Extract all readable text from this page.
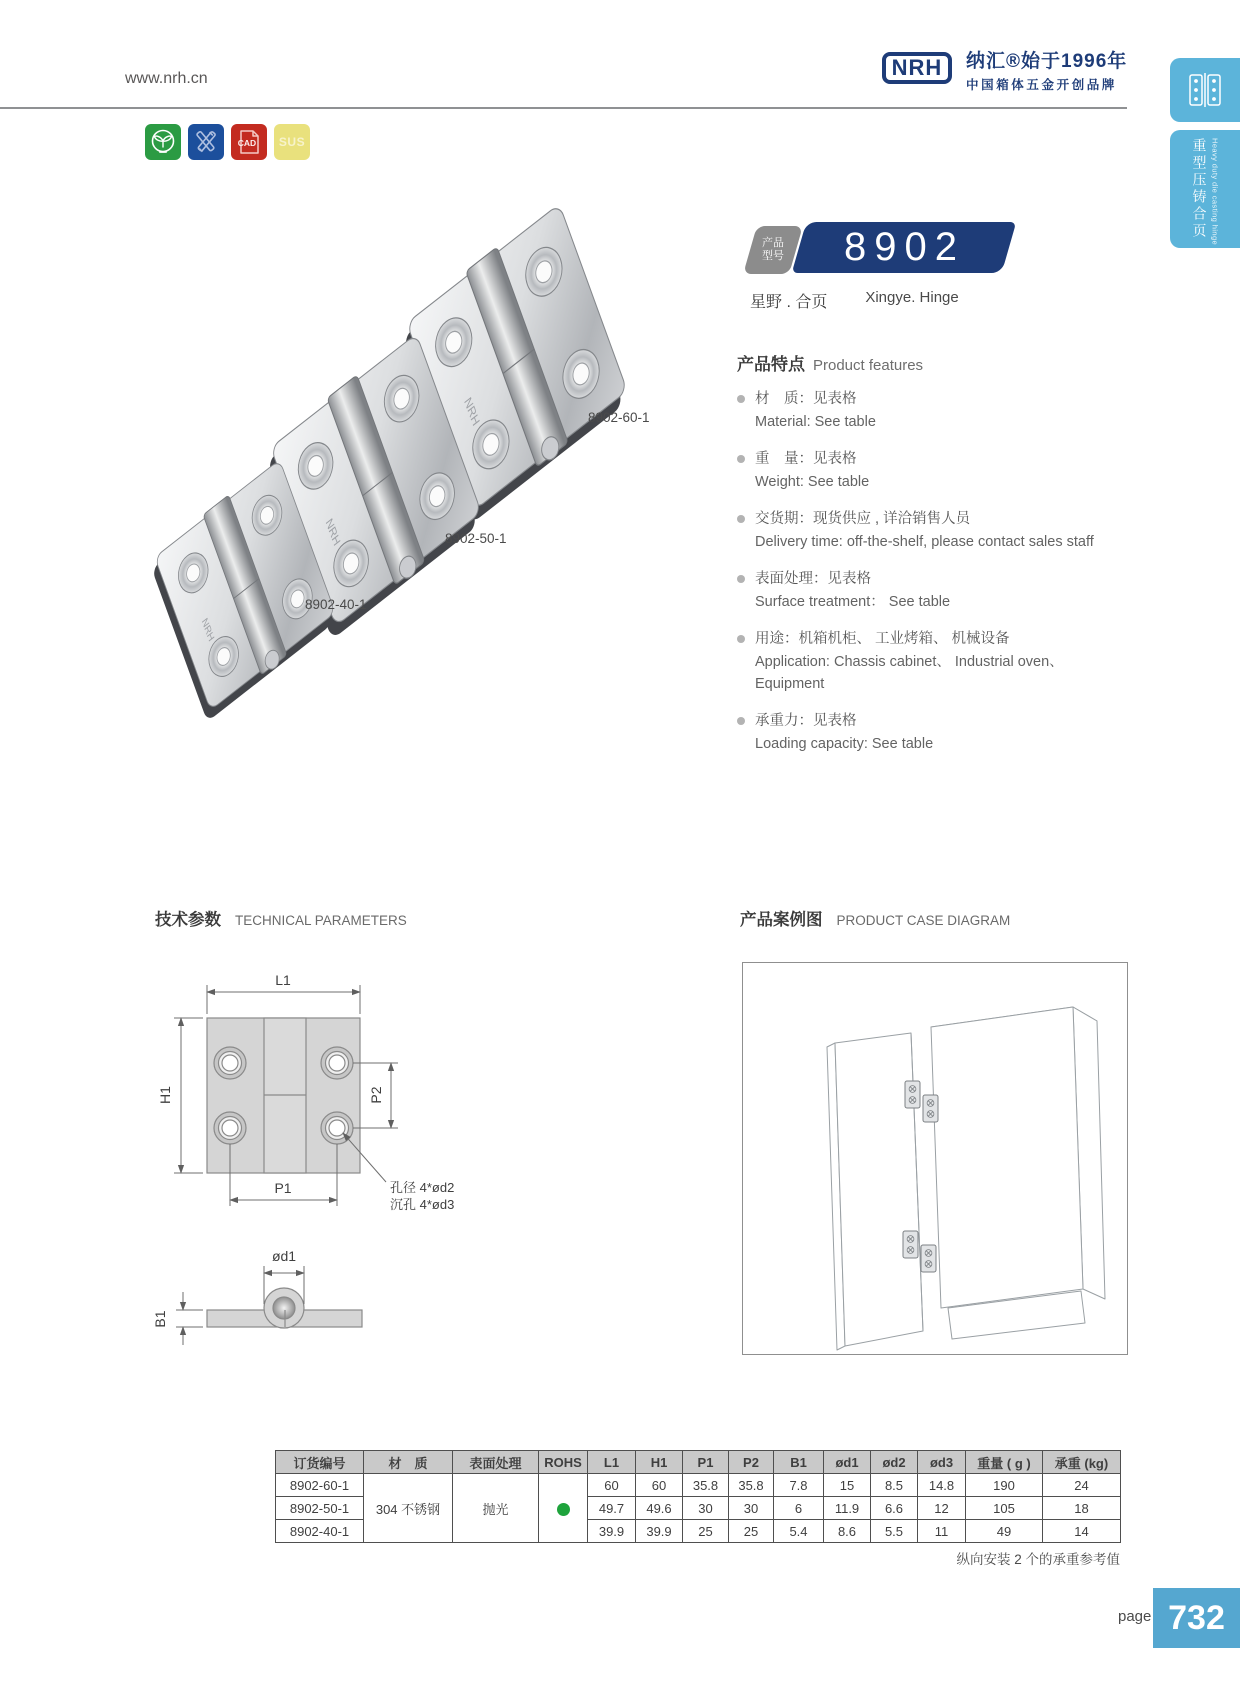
www.nrh.cn	NRH	纳汇®始于1996年
中国箱体五金开创品牌
CAD SUS	重型压铸合页 Heavy duty die casting hinge
产品
型号 8902
星野 . 合页	Xingye. Hinge
产品特点 Product features
材　质：见表格
Material: See table
重　量：见表格
Weight: See table
交货期：现货供应 , 详洽销售人员
Delivery time: off-the-shelf, please contact sales staff
表面处理：见表格
Surface treatment： See table
用途：机箱机柜、 工业烤箱、 机械设备
Application: Chassis cabinet、 Industrial oven、 Equipment
承重力：见表格
Loading capacity: See table
NRH
8902-60-1
8902-50-1
8902-40-1
技术参数 TECHNICAL PARAMETERS	产品案例图 PRODUCT CASE DIAGRAM
L1
H1
P1
P2
ød1
B1
孔径 4*ød2
沉孔 4*ød3
订货编号	材　质	表面处理	ROHS	L1	H1	P1	P2	B1	ød1	ød2	ød3	重量 ( g )	承重 (kg)
8902-60-1	304 不锈钢	抛光		60	60	35.8	35.8	7.8	15	8.5	14.8	190	24
8902-50-1				49.7	49.6	30	30	6	11.9	6.6	12	105	18
8902-40-1				39.9	39.9	25	25	5.4	8.6	5.5	11	49	14
纵向安装 2 个的承重参考值
page 732
